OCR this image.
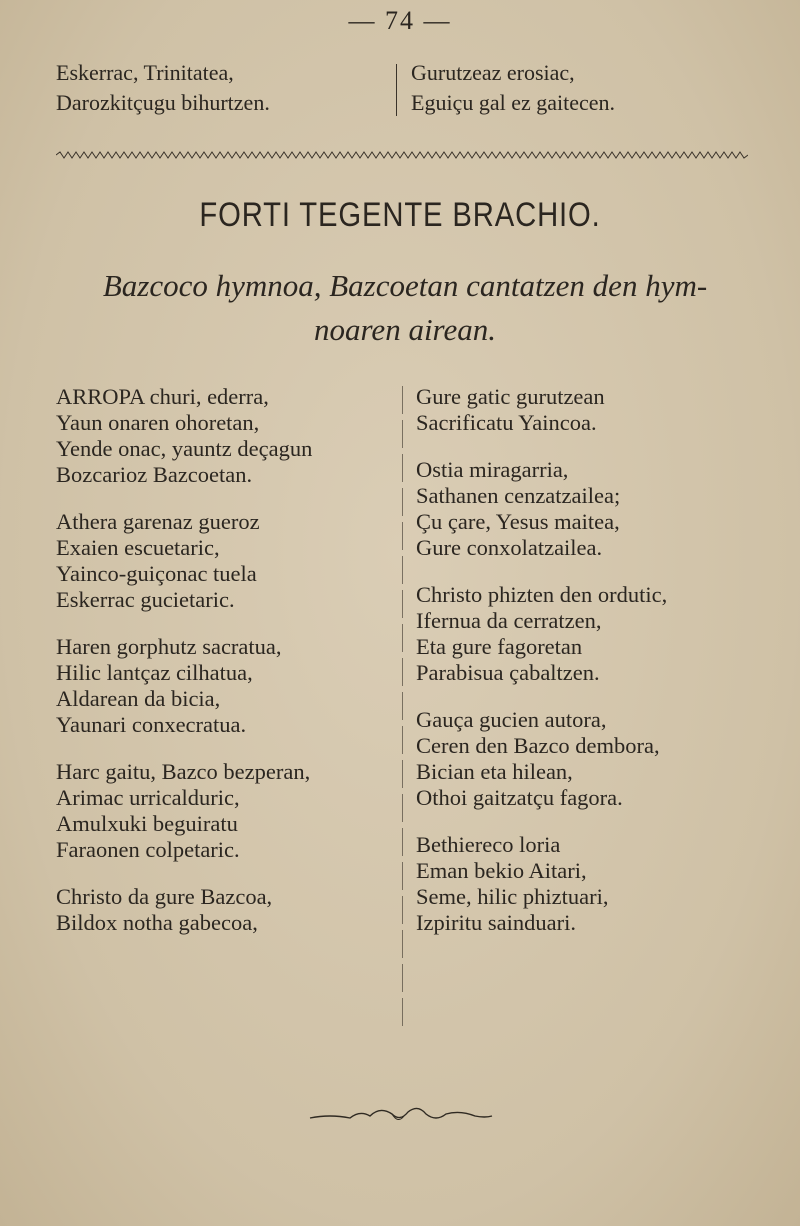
— 74 —
Eskerrac, Trinitatea,
Darozkitçugu bihurtzen.
Gurutzeaz erosiac,
Eguiçu gal ez gaitecen.
FORTI TEGENTE BRACHIO.
Bazcoco hymnoa, Bazcoetan cantatzen den hym-
noaren airean.
ARROPA churi, ederra,
Yaun onaren ohoretan,
Yende onac, yauntz deçagun
Bozcarioz Bazcoetan.
Athera garenaz gueroz
Exaien escuetaric,
Yainco-guiçonac tuela
Eskerrac gucietaric.
Haren gorphutz sacratua,
Hilic lantçaz cilhatua,
Aldarean da bicia,
Yaunari conxecratua.
Harc gaitu, Bazco bezperan,
Arimac urricalduric,
Amulxuki beguiratu
Faraonen colpetaric.
Christo da gure Bazcoa,
Bildox notha gabecoa,
Gure gatic gurutzean
Sacrificatu Yaincoa.
Ostia miragarria,
Sathanen cenzatzailea;
Çu çare, Yesus maitea,
Gure conxolatzailea.
Christo phizten den ordutic,
Ifernua da cerratzen,
Eta gure fagoretan
Parabisua çabaltzen.
Gauça gucien autora,
Ceren den Bazco dembora,
Bician eta hilean,
Othoi gaitzatçu fagora.
Bethiereco loria
Eman bekio Aitari,
Seme, hilic phiztuari,
Izpiritu sainduari.
